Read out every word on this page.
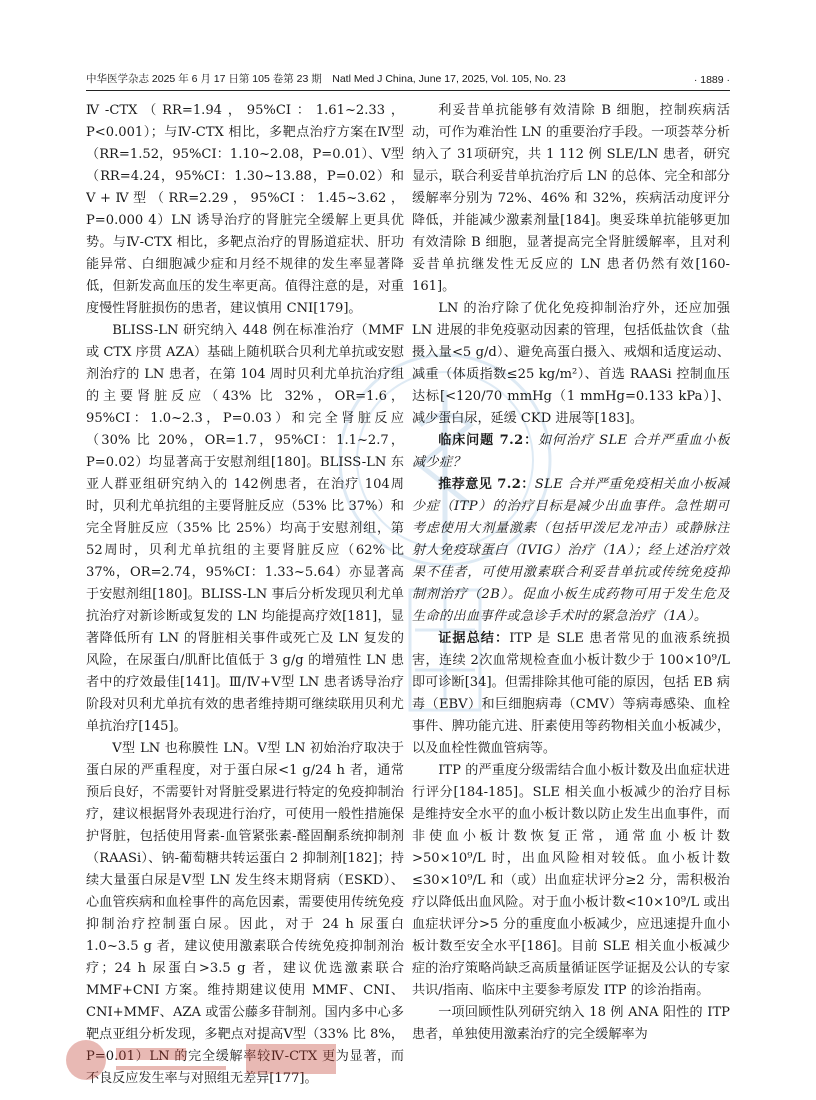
中华医学杂志 2025 年 6 月 17 日第 105 卷第 23 期　Natl Med J China, June 17, 2025, Vol. 105, No. 23	· 1889 ·

Ⅳ-CTX（RR=1.94，95%CI：1.61~2.33，P<0.001）；与Ⅳ-CTX 相比，多靶点治疗方案在Ⅳ型（RR=1.52，95%CI：1.10~2.08，P=0.01）、Ⅴ型（RR=4.24，95%CI：1.30~13.88，P=0.02）和Ⅴ+Ⅳ型（RR=2.29，95%CI：1.45~3.62，P=0.000 4）LN 诱导治疗的肾脏完全缓解上更具优势。与Ⅳ-CTX 相比，多靶点治疗的胃肠道症状、肝功能异常、白细胞减少症和月经不规律的发生率显著降低，但新发高血压的发生率更高。值得注意的是，对重度慢性肾脏损伤的患者，建议慎用 CNI[179]。

BLISS-LN 研究纳入 448 例在标准治疗（MMF 或 CTX 序贯 AZA）基础上随机联合贝利尤单抗或安慰剂治疗的 LN 患者，在第 104 周时贝利尤单抗治疗组的主要肾脏反应（43% 比 32%，OR=1.6，95%CI：1.0~2.3，P=0.03）和完全肾脏反应（30% 比 20%，OR=1.7，95%CI：1.1~2.7，P=0.02）均显著高于安慰剂组[180]。BLISS-LN 东亚人群亚组研究纳入的 142例患者，在治疗 104周时，贝利尤单抗组的主要肾脏反应（53% 比 37%）和完全肾脏反应（35% 比 25%）均高于安慰剂组，第 52周时，贝利尤单抗组的主要肾脏反应（62% 比 37%，OR=2.74，95%CI：1.33~5.64）亦显著高于安慰剂组[180]。BLISS-LN 事后分析发现贝利尤单抗治疗对新诊断或复发的 LN 均能提高疗效[181]，显著降低所有 LN 的肾脏相关事件或死亡及 LN 复发的风险，在尿蛋白/肌酐比值低于 3 g/g 的增殖性 LN 患者中的疗效最佳[141]。Ⅲ/Ⅳ+Ⅴ型 LN 患者诱导治疗阶段对贝利尤单抗有效的患者维持期可继续联用贝利尤单抗治疗[145]。

Ⅴ型 LN 也称膜性 LN。Ⅴ型 LN 初始治疗取决于蛋白尿的严重程度，对于蛋白尿<1 g/24 h 者，通常预后良好，不需要针对肾脏受累进行特定的免疫抑制治疗，建议根据肾外表现进行治疗，可使用一般性措施保护肾脏，包括使用肾素-血管紧张素-醛固酮系统抑制剂（RAASi）、钠-葡萄糖共转运蛋白 2 抑制剂[182]；持续大量蛋白尿是Ⅴ型 LN 发生终末期肾病（ESKD）、心血管疾病和血栓事件的高危因素，需要使用传统免疫抑制治疗控制蛋白尿。因此，对于 24 h 尿蛋白 1.0~3.5 g 者，建议使用激素联合传统免疫抑制剂治疗；24 h 尿蛋白>3.5 g 者，建议优选激素联合 MMF+CNI 方案。维持期建议使用 MMF、CNI、CNI+MMF、AZA 或雷公藤多苷制剂。国内多中心多靶点亚组分析发现，多靶点对提高Ⅴ型（33% 比 8%，P=0.01）LN 的完全缓解率较Ⅳ-CTX 更为显著，而不良反应发生率与对照组无差异[177]。

利妥昔单抗能够有效清除 B 细胞，控制疾病活动，可作为难治性 LN 的重要治疗手段。一项荟萃分析纳入了 31项研究，共 1 112 例 SLE/LN 患者，研究显示，联合利妥昔单抗治疗后 LN 的总体、完全和部分缓解率分别为 72%、46% 和 32%，疾病活动度评分降低，并能减少激素剂量[184]。奥妥珠单抗能够更加有效清除 B 细胞，显著提高完全肾脏缓解率，且对利妥昔单抗继发性无反应的 LN 患者仍然有效[160-161]。

LN 的治疗除了优化免疫抑制治疗外，还应加强 LN 进展的非免疫驱动因素的管理，包括低盐饮食（盐摄入量<5 g/d）、避免高蛋白摄入、戒烟和适度运动、减重（体质指数≤25 kg/m²）、首选 RAASi 控制血压达标[<120/70 mmHg（1 mmHg=0.133 kPa）]、减少蛋白尿，延缓 CKD 进展等[183]。

临床问题 7.2：如何治疗 SLE 合并严重血小板减少症？

推荐意见 7.2：SLE 合并严重免疫相关血小板减少症（ITP）的治疗目标是减少出血事件。急性期可考虑使用大剂量激素（包括甲泼尼龙冲击）或静脉注射人免疫球蛋白（IVIG）治疗（1A）；经上述治疗效果不佳者，可使用激素联合利妥昔单抗或传统免疫抑制剂治疗（2B）。促血小板生成药物可用于发生危及生命的出血事件或急诊手术时的紧急治疗（1A）。

证据总结：ITP 是 SLE 患者常见的血液系统损害，连续 2次血常规检查血小板计数少于 100×10⁹/L 即可诊断[34]。但需排除其他可能的原因，包括 EB 病毒（EBV）和巨细胞病毒（CMV）等病毒感染、血栓事件、脾功能亢进、肝素使用等药物相关血小板减少，以及血栓性微血管病等。

ITP 的严重度分级需结合血小板计数及出血症状进行评分[184-185]。SLE 相关血小板减少的治疗目标是维持安全水平的血小板计数以防止发生出血事件，而非使血小板计数恢复正常，通常血小板计数>50×10⁹/L 时，出血风险相对较低。血小板计数≤30×10⁹/L 和（或）出血症状评分≥2 分，需积极治疗以降低出血风险。对于血小板计数<10×10⁹/L 或出血症状评分>5 分的重度血小板减少，应迅速提升血小板计数至安全水平[186]。目前 SLE 相关血小板减少症的治疗策略尚缺乏高质量循证医学证据及公认的专家共识/指南、临床中主要参考原发 ITP 的诊治指南。

一项回顾性队列研究纳入 18 例 ANA 阳性的 ITP 患者，单独使用激素治疗的完全缓解率为
